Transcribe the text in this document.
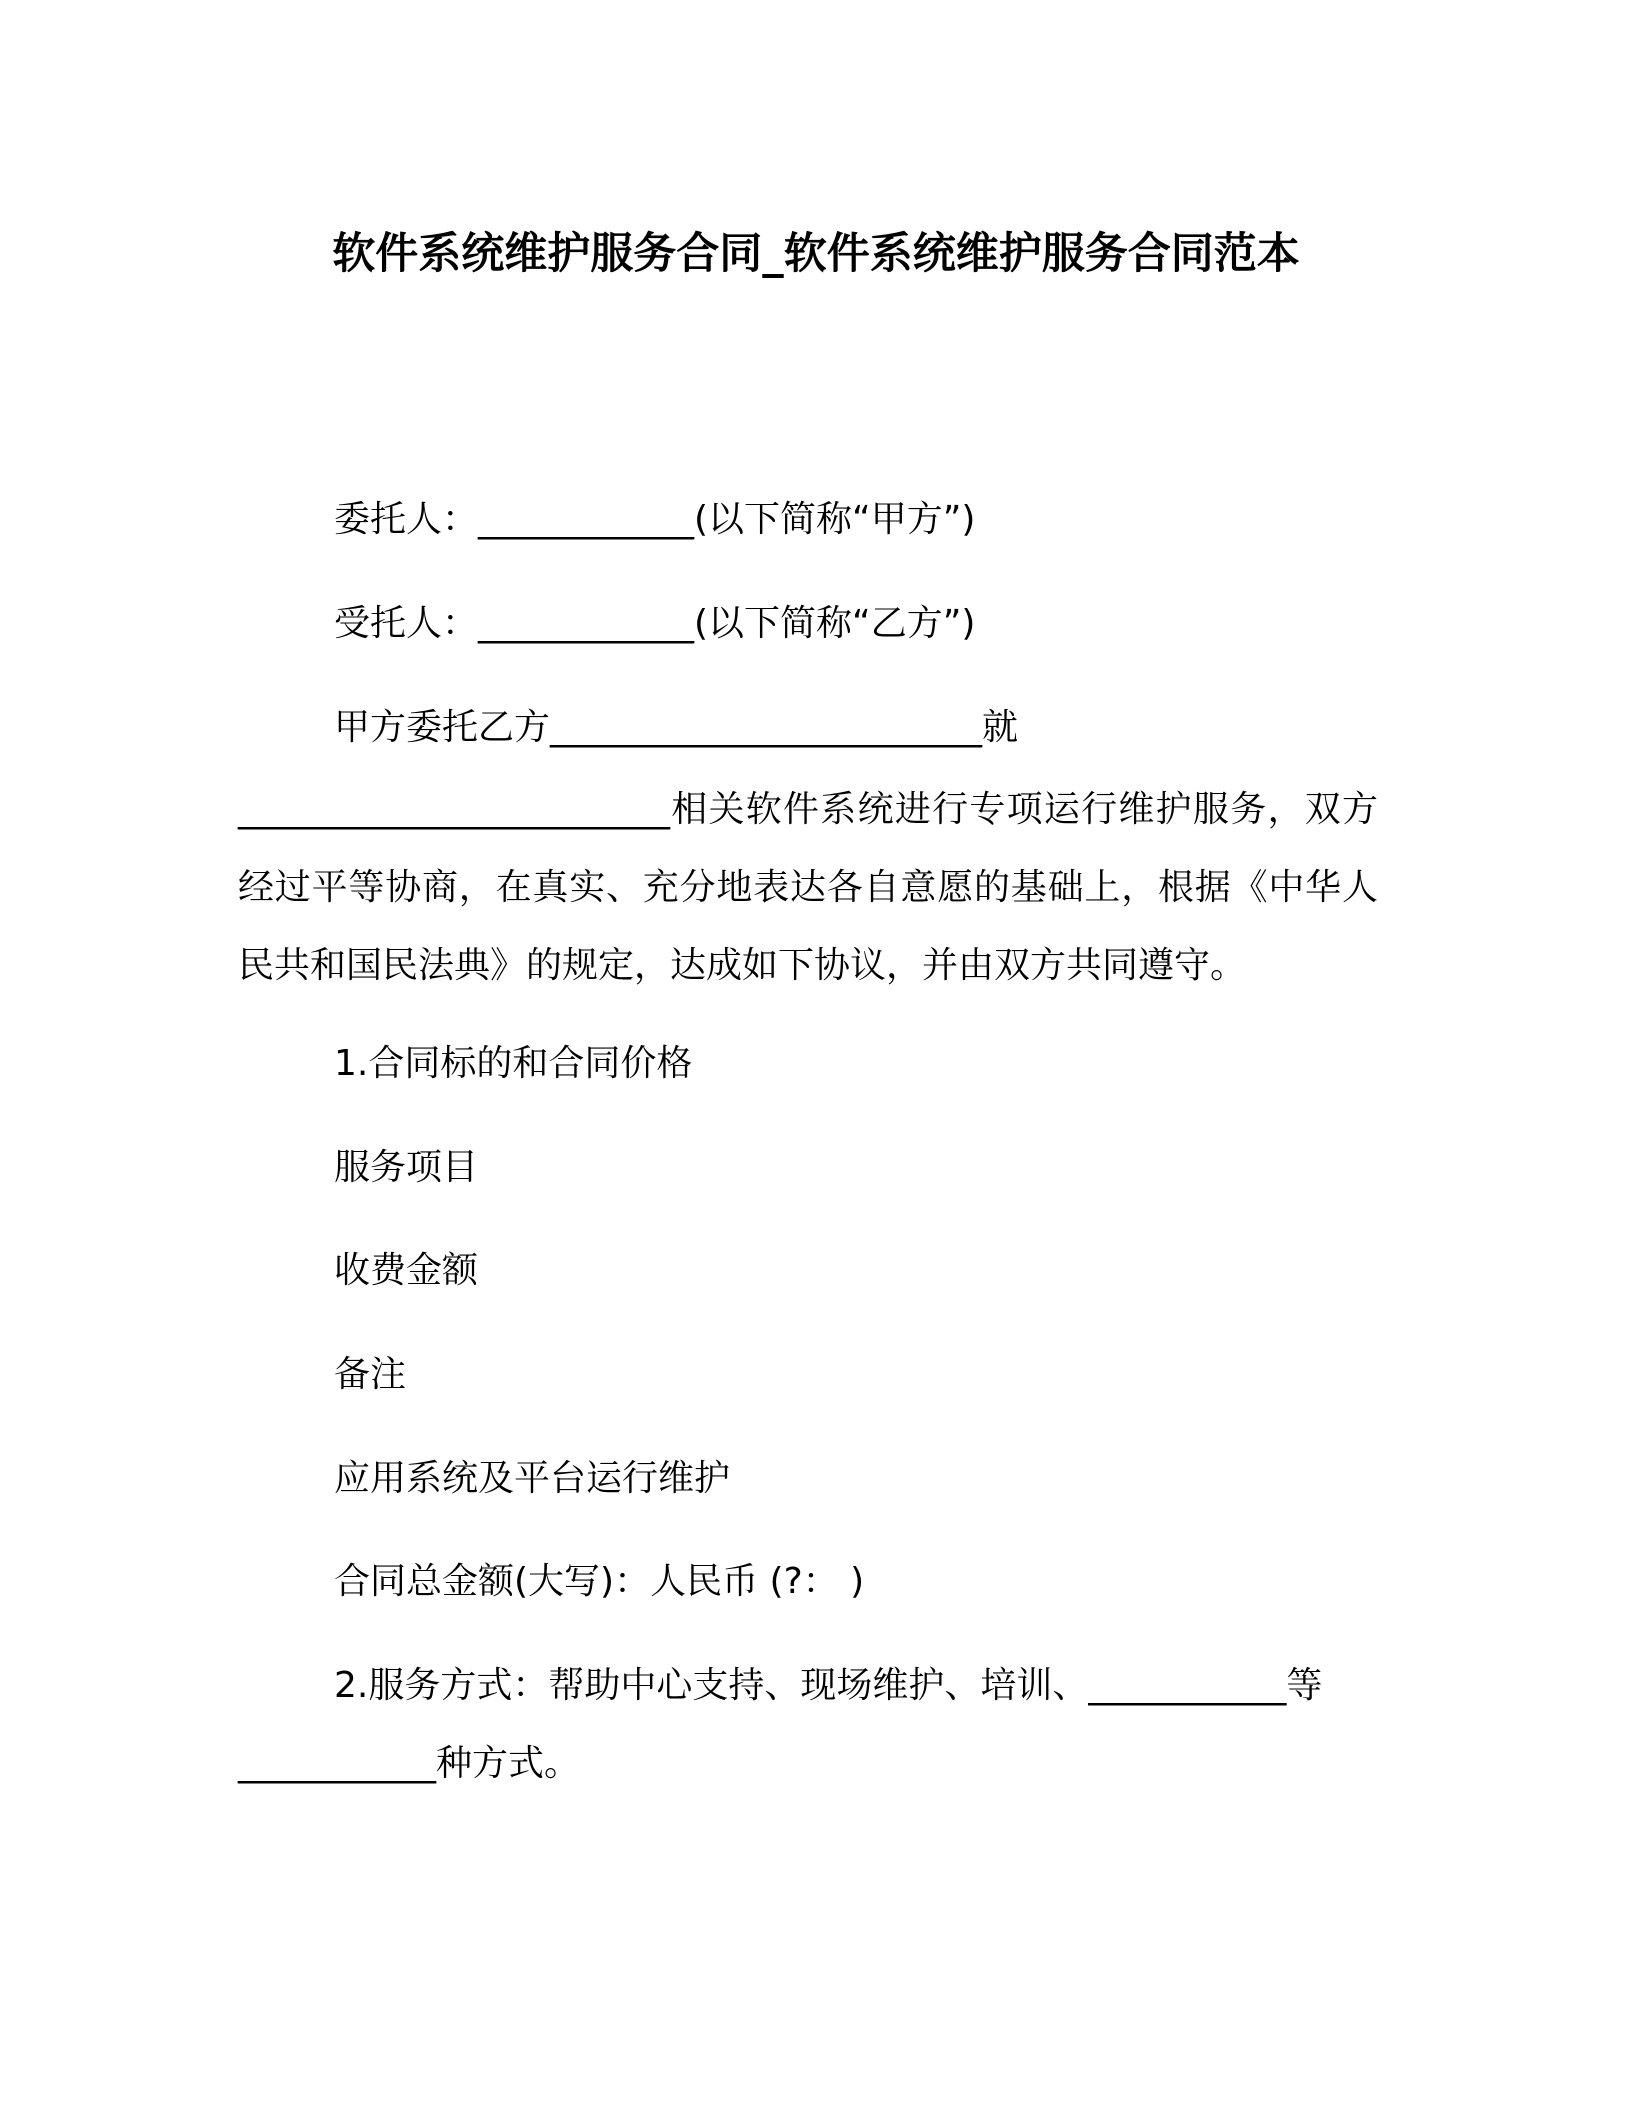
软件系统维护服务合同_软件系统维护服务合同范本
委托人：____________(以下简称“甲方”)
受托人：____________(以下简称“乙方”)
甲方委托乙方________________________就
________________________相关软件系统进行专项运行维护服务，双方经过平等协商，在真实、充分地表达各自意愿的基础上，根据《中华人民共和国民法典》的规定，达成如下协议，并由双方共同遵守。
1.合同标的和合同价格
服务项目
收费金额
备注
应用系统及平台运行维护
合同总金额(大写)：人民币 (?： )
2.服务方式：帮助中心支持、现场维护、培训、___________等
___________种方式。
